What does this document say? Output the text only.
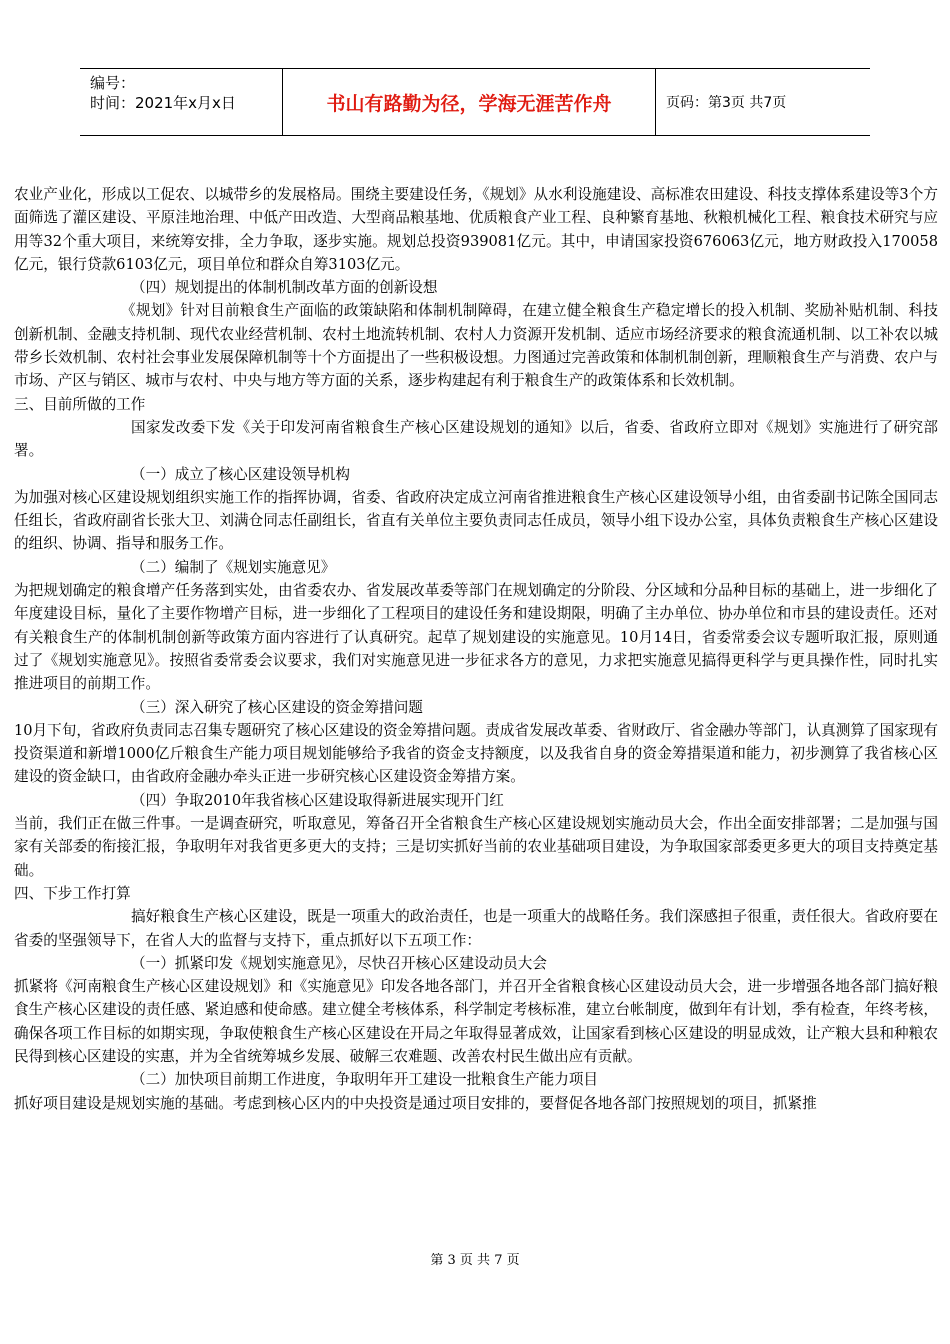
编号：
时间：2021年x月x日	书山有路勤为径，学海无涯苦作舟	页码：第3页 共7页

农业产业化，形成以工促农、以城带乡的发展格局。围绕主要建设任务，《规划》从水利设施建设、高标准农田建设、科技支撑体系建设等3个方面筛选了灌区建设、平原洼地治理、中低产田改造、大型商品粮基地、优质粮食产业工程、良种繁育基地、秋粮机械化工程、粮食技术研究与应用等32个重大项目，来统筹安排，全力争取，逐步实施。规划总投资939081亿元。其中，申请国家投资676063亿元，地方财政投入170058亿元，银行贷款6103亿元，项目单位和群众自筹3103亿元。

（四）规划提出的体制机制改革方面的创新设想

《规划》针对目前粮食生产面临的政策缺陷和体制机制障碍，在建立健全粮食生产稳定增长的投入机制、奖励补贴机制、科技创新机制、金融支持机制、现代农业经营机制、农村土地流转机制、农村人力资源开发机制、适应市场经济要求的粮食流通机制、以工补农以城带乡长效机制、农村社会事业发展保障机制等十个方面提出了一些积极设想。力图通过完善政策和体制机制创新，理顺粮食生产与消费、农户与市场、产区与销区、城市与农村、中央与地方等方面的关系，逐步构建起有利于粮食生产的政策体系和长效机制。

三、目前所做的工作

国家发改委下发《关于印发河南省粮食生产核心区建设规划的通知》以后，省委、省政府立即对《规划》实施进行了研究部署。

（一）成立了核心区建设领导机构

为加强对核心区建设规划组织实施工作的指挥协调，省委、省政府决定成立河南省推进粮食生产核心区建设领导小组，由省委副书记陈全国同志任组长，省政府副省长张大卫、刘满仓同志任副组长，省直有关单位主要负责同志任成员，领导小组下设办公室，具体负责粮食生产核心区建设的组织、协调、指导和服务工作。

（二）编制了《规划实施意见》

为把规划确定的粮食增产任务落到实处，由省委农办、省发展改革委等部门在规划确定的分阶段、分区域和分品种目标的基础上，进一步细化了年度建设目标，量化了主要作物增产目标，进一步细化了工程项目的建设任务和建设期限，明确了主办单位、协办单位和市县的建设责任。还对有关粮食生产的体制机制创新等政策方面内容进行了认真研究。起草了规划建设的实施意见。10月14日，省委常委会议专题听取汇报，原则通过了《规划实施意见》。按照省委常委会议要求，我们对实施意见进一步征求各方的意见，力求把实施意见搞得更科学与更具操作性，同时扎实推进项目的前期工作。

（三）深入研究了核心区建设的资金筹措问题

10月下旬，省政府负责同志召集专题研究了核心区建设的资金筹措问题。责成省发展改革委、省财政厅、省金融办等部门，认真测算了国家现有投资渠道和新增1000亿斤粮食生产能力项目规划能够给予我省的资金支持额度，以及我省自身的资金筹措渠道和能力，初步测算了我省核心区建设的资金缺口，由省政府金融办牵头正进一步研究核心区建设资金筹措方案。

（四）争取2010年我省核心区建设取得新进展实现开门红

当前，我们正在做三件事。一是调查研究，听取意见，筹备召开全省粮食生产核心区建设规划实施动员大会，作出全面安排部署；二是加强与国家有关部委的衔接汇报，争取明年对我省更多更大的支持；三是切实抓好当前的农业基础项目建设，为争取国家部委更多更大的项目支持奠定基础。

四、下步工作打算

搞好粮食生产核心区建设，既是一项重大的政治责任，也是一项重大的战略任务。我们深感担子很重，责任很大。省政府要在省委的坚强领导下，在省人大的监督与支持下，重点抓好以下五项工作：

（一）抓紧印发《规划实施意见》，尽快召开核心区建设动员大会

抓紧将《河南粮食生产核心区建设规划》和《实施意见》印发各地各部门，并召开全省粮食核心区建设动员大会，进一步增强各地各部门搞好粮食生产核心区建设的责任感、紧迫感和使命感。建立健全考核体系，科学制定考核标准，建立台帐制度，做到年有计划，季有检查，年终考核，确保各项工作目标的如期实现，争取使粮食生产核心区建设在开局之年取得显著成效，让国家看到核心区建设的明显成效，让产粮大县和种粮农民得到核心区建设的实惠，并为全省统筹城乡发展、破解三农难题、改善农村民生做出应有贡献。

（二）加快项目前期工作进度，争取明年开工建设一批粮食生产能力项目

抓好项目建设是规划实施的基础。考虑到核心区内的中央投资是通过项目安排的，要督促各地各部门按照规划的项目，抓紧推

第 3 页 共 7 页
